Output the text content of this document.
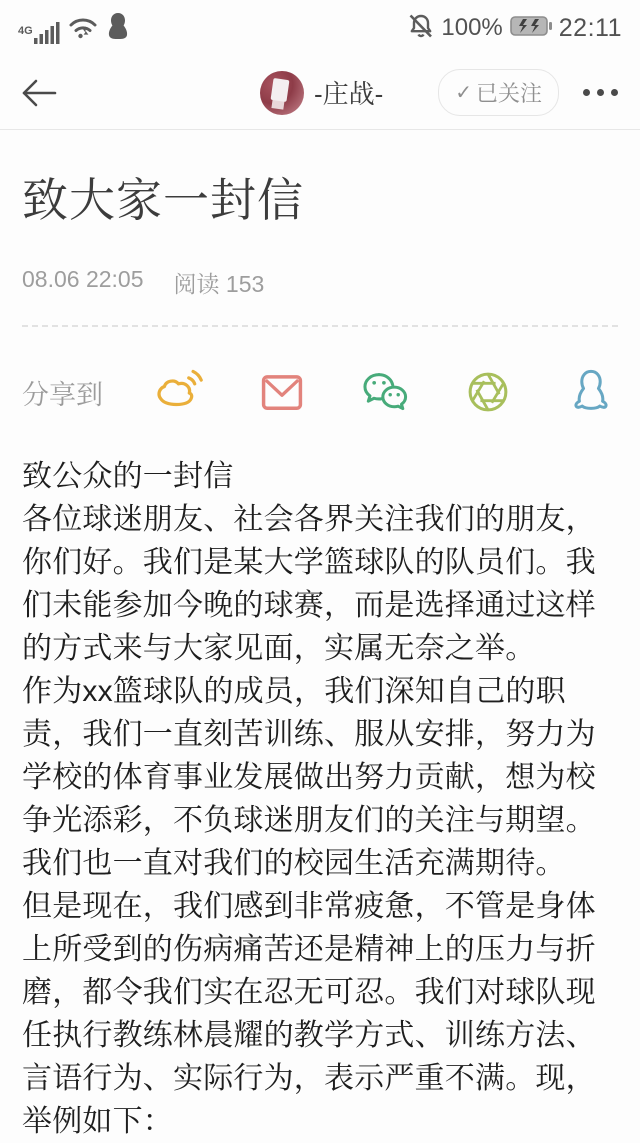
4G	100% 22:11
-庄战-	✓ 已关注
致大家一封信
08.06 22:05 阅读 153
分享到
致公众的一封信
各位球迷朋友、社会各界关注我们的朋友，
你们好。我们是某大学篮球队的队员们。我
们未能参加今晚的球赛，而是选择通过这样
的方式来与大家见面，实属无奈之举。
作为xx篮球队的成员，我们深知自己的职
责，我们一直刻苦训练、服从安排，努力为
学校的体育事业发展做出努力贡献，想为校
争光添彩，不负球迷朋友们的关注与期望。
我们也一直对我们的校园生活充满期待。
但是现在，我们感到非常疲惫，不管是身体
上所受到的伤病痛苦还是精神上的压力与折
磨，都令我们实在忍无可忍。我们对球队现
任执行教练林晨耀的教学方式、训练方法、
言语行为、实际行为，表示严重不满。现，
举例如下：
